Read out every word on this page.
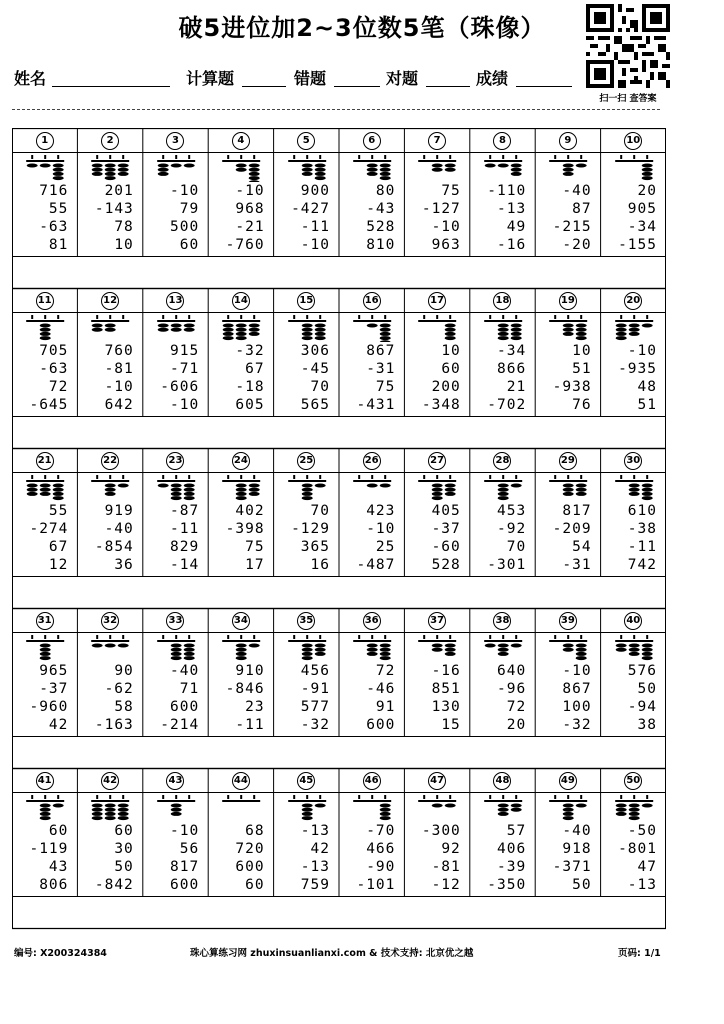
破5进位加2~3位数5笔（珠像）
扫一扫 查答案
姓名	计算题	错题	对题	成绩
1
716
55
-63
81
2
201
-143
78
10
3
-10
79
500
60
4
-10
968
-21
-760
5
900
-427
-11
-10
6
80
-43
528
810
7
75
-127
-10
963
8
-110
-13
49
-16
9
-40
87
-215
-20
10
20
905
-34
-155
11
705
-63
72
-645
12
760
-81
-10
642
13
915
-71
-606
-10
14
-32
67
-18
605
15
306
-45
70
565
16
867
-31
75
-431
17
10
60
200
-348
18
-34
866
21
-702
19
10
51
-938
76
20
-10
-935
48
51
21
55
-274
67
12
22
919
-40
-854
36
23
-87
-11
829
-14
24
402
-398
75
17
25
70
-129
365
16
26
423
-10
25
-487
27
405
-37
-60
528
28
453
-92
70
-301
29
817
-209
54
-31
30
610
-38
-11
742
31
965
-37
-960
42
32
90
-62
58
-163
33
-40
71
600
-214
34
910
-846
23
-11
35
456
-91
577
-32
36
72
-46
91
600
37
-16
851
130
15
38
640
-96
72
20
39
-10
867
100
-32
40
576
50
-94
38
41
60
-119
43
806
42
60
30
50
-842
43
-10
56
817
600
44
68
720
600
60
45
-13
42
-13
759
46
-70
466
-90
-101
47
-300
92
-81
-12
48
57
406
-39
-350
49
-40
918
-371
50
50
-50
-801
47
-13
编号: X200324384	珠心算练习网 zhuxinsuanlianxi.com & 技术支持: 北京优之越	页码: 1/1
